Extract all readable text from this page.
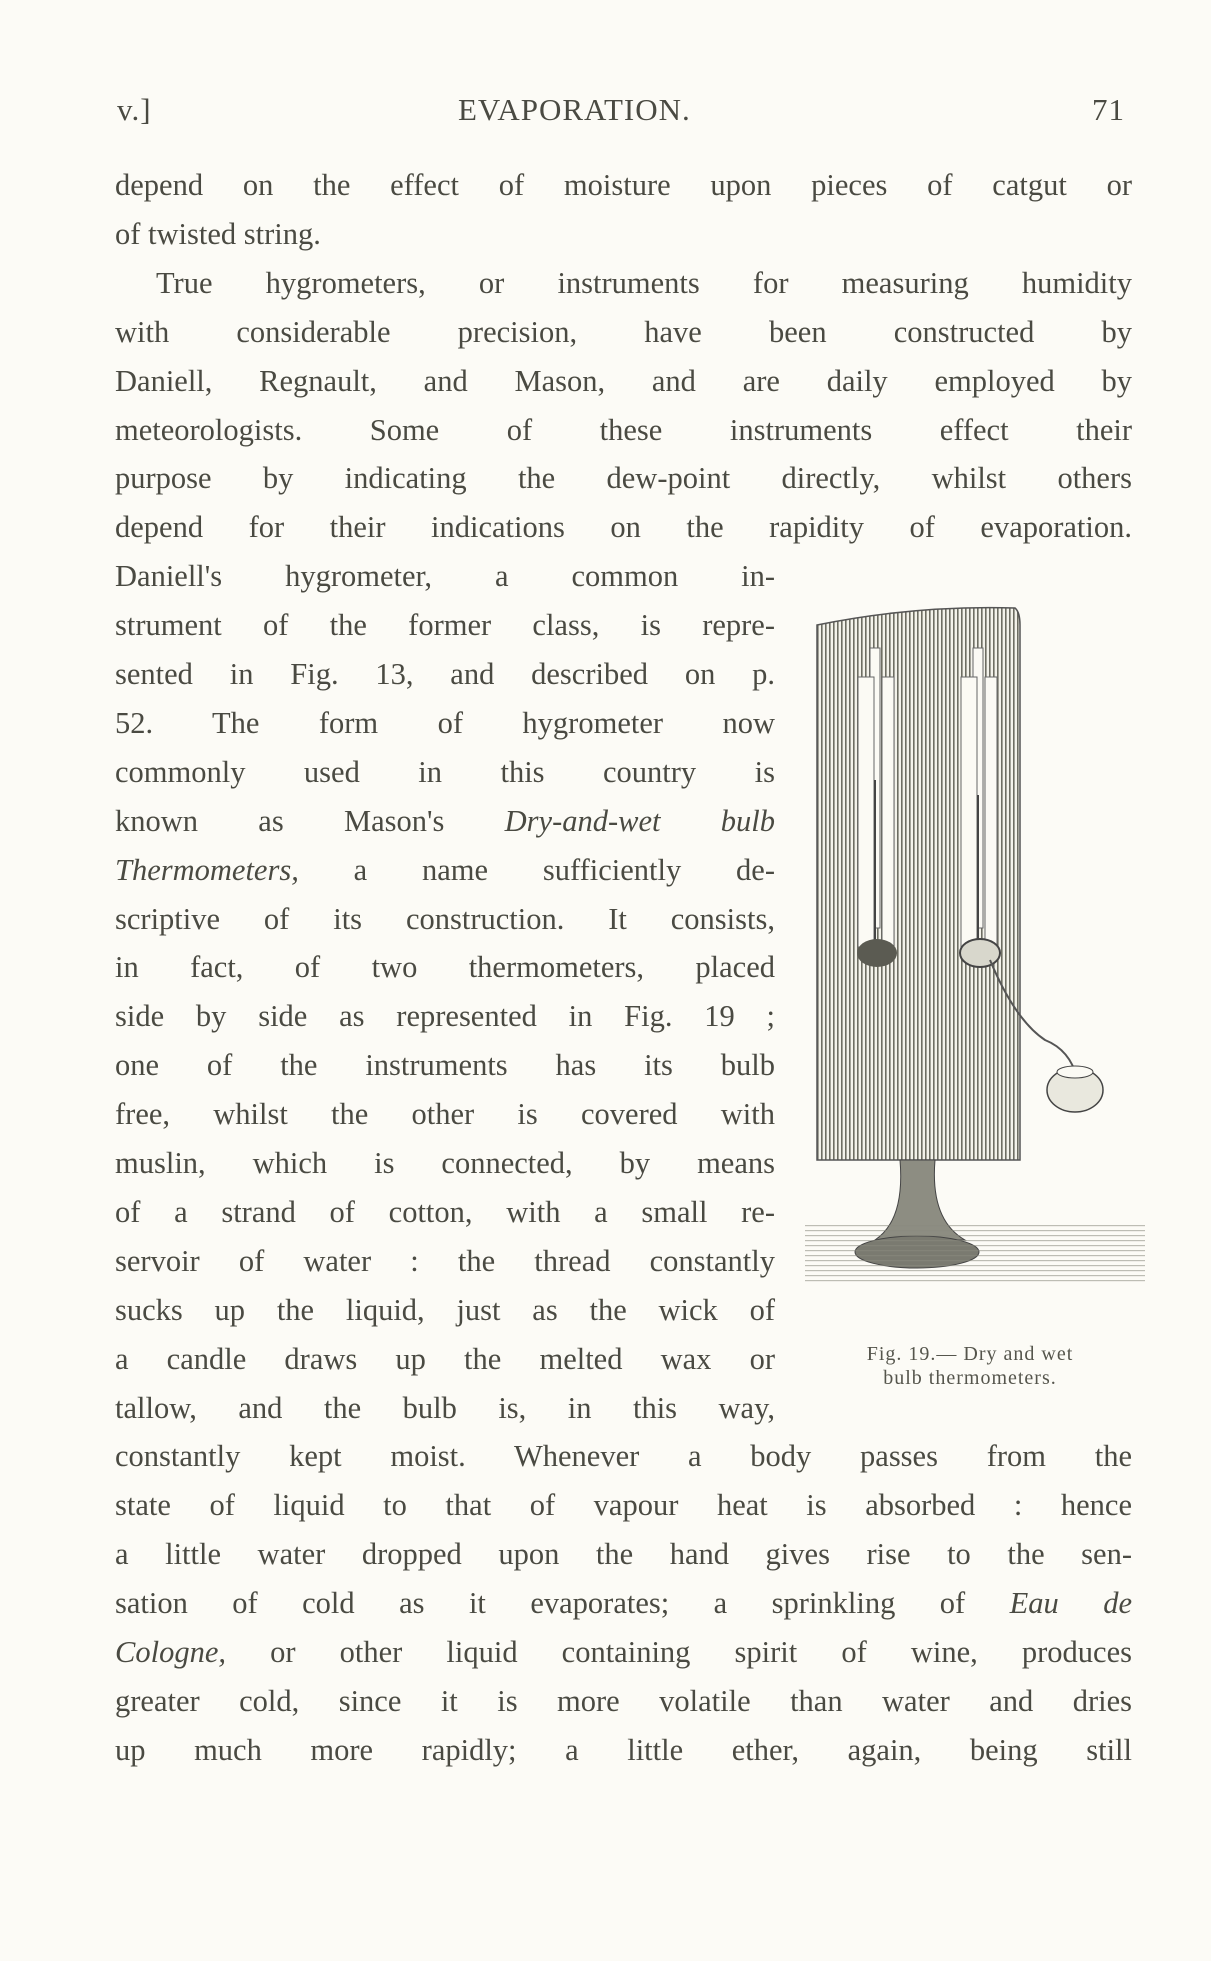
v.]	EVAPORATION.	71
depend on the effect of moisture upon pieces of catgut or
of twisted string.
True hygrometers, or instruments for measuring humidity
with considerable precision, have been constructed by
Daniell, Regnault, and Mason, and are daily employed by
meteorologists. Some of these instruments effect their
purpose by indicating the dew-point directly, whilst others
depend for their indications on the rapidity of evaporation.
Daniell's hygrometer, a common in-
strument of the former class, is repre-
sented in Fig. 13, and described on p.
52. The form of hygrometer now
commonly used in this country is
known as Mason's Dry-and-wet bulb
Thermometers, a name sufficiently de-
scriptive of its construction. It consists,
in fact, of two thermometers, placed
side by side as represented in Fig. 19 ;
one of the instruments has its bulb
free, whilst the other is covered with
muslin, which is connected, by means
of a strand of cotton, with a small re-
servoir of water : the thread constantly
sucks up the liquid, just as the wick of
a candle draws up the melted wax or
tallow, and the bulb is, in this way,
constantly kept moist. Whenever a body passes from the
state of liquid to that of vapour heat is absorbed : hence
a little water dropped upon the hand gives rise to the sen-
sation of cold as it evaporates; a sprinkling of Eau de
Cologne, or other liquid containing spirit of wine, produces
greater cold, since it is more volatile than water and dries
up much more rapidly; a little ether, again, being still
Fig. 19.— Dry and wet
bulb thermometers.
